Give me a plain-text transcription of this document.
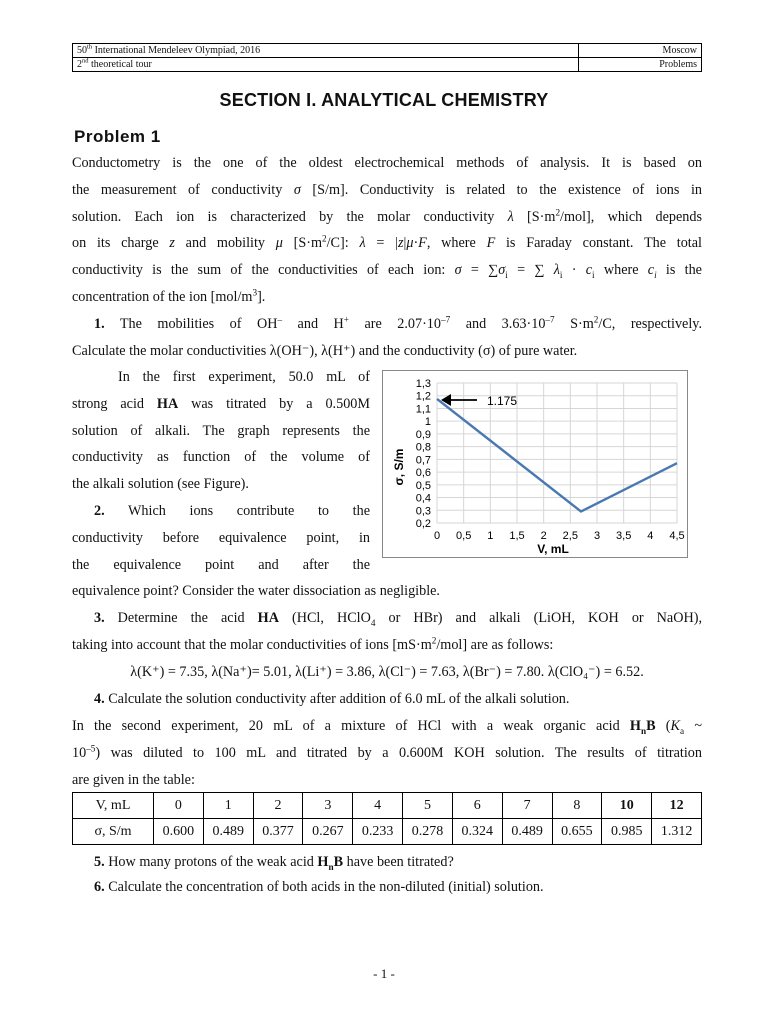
50th International Mendeleev Olympiad, 2016	Moscow
2nd theoretical tour	Problems
SECTION I. ANALYTICAL CHEMISTRY
Problem 1
Conductometry is the one of the oldest electrochemical methods of analysis. It is based on
the measurement of conductivity σ [S/m]. Conductivity is related to the existence of ions in
solution. Each ion is characterized by the molar conductivity λ $[S\cdot m^2/mol]$, which depends
on its charge z and mobility μ $[S\cdot m^2/C]$: λ = |z|μ·F, where F is Faraday constant. The total
conductivity is the sum of the conductivities of each ion: $\sigma = \sum\sigma_i$ = ∑ $\lambda_i \cdot c_i$ where $c_i$ is the
concentration of the ion $[mol/m^3]$.
1. The mobilities of OH– and H+ are $2.07\cdot 10^{-7}$ and $3.63\cdot 10^{-7}$ $S\cdot m^2/C$, respectively.
Calculate the molar conductivities λ(OH⁻), λ(H⁺) and the conductivity (σ) of pure water.
In the first experiment, 50.0 mL of
strong acid HA was titrated by a 0.500M
solution of alkali. The graph represents the
conductivity as function of the volume of
the alkali solution (see Figure).
2. Which ions contribute to the
conductivity before equivalence point, in
the equivalence point and after the
equivalence point? Consider the water dissociation as negligible.
0,2
0,3
0,4
0,5
0,6
0,7
0,8
0,9
1
1,1
1,2
1,3
0 0,5 1 1,5 2 2,5 3 3,5 4 4,5
1.175
σ, S/m
V, mL
3. Determine the acid HA (HCl, HClO$_4$ or HBr) and alkali (LiOH, KOH or NaOH),
taking into account that the molar conductivities of ions $[mS\cdot m^2/mol]$ are as follows:
λ(K⁺) = 7.35, λ(Na⁺)= 5.01, λ(Li⁺) = 3.86, λ(Cl⁻) = 7.63, λ(Br⁻) = 7.80. λ(ClO₄⁻) = 6.52.
4. Calculate the solution conductivity after addition of 6.0 mL of the alkali solution.
In the second experiment, 20 mL of a mixture of HCl with a weak organic acid $H_nB$ ($K_a$ ~
$10^{-5}$) was diluted to 100 mL and titrated by a 0.600M KOH solution. The results of titration
are given in the table:
V, mL	0	1	2	3	4	5	6	7	8	10	12
σ, S/m	0.600	0.489	0.377	0.267	0.233	0.278	0.324	0.489	0.655	0.985	1.312
5. How many protons of the weak acid $H_nB$ have been titrated?
6. Calculate the concentration of both acids in the non-diluted (initial) solution.
- 1 -
